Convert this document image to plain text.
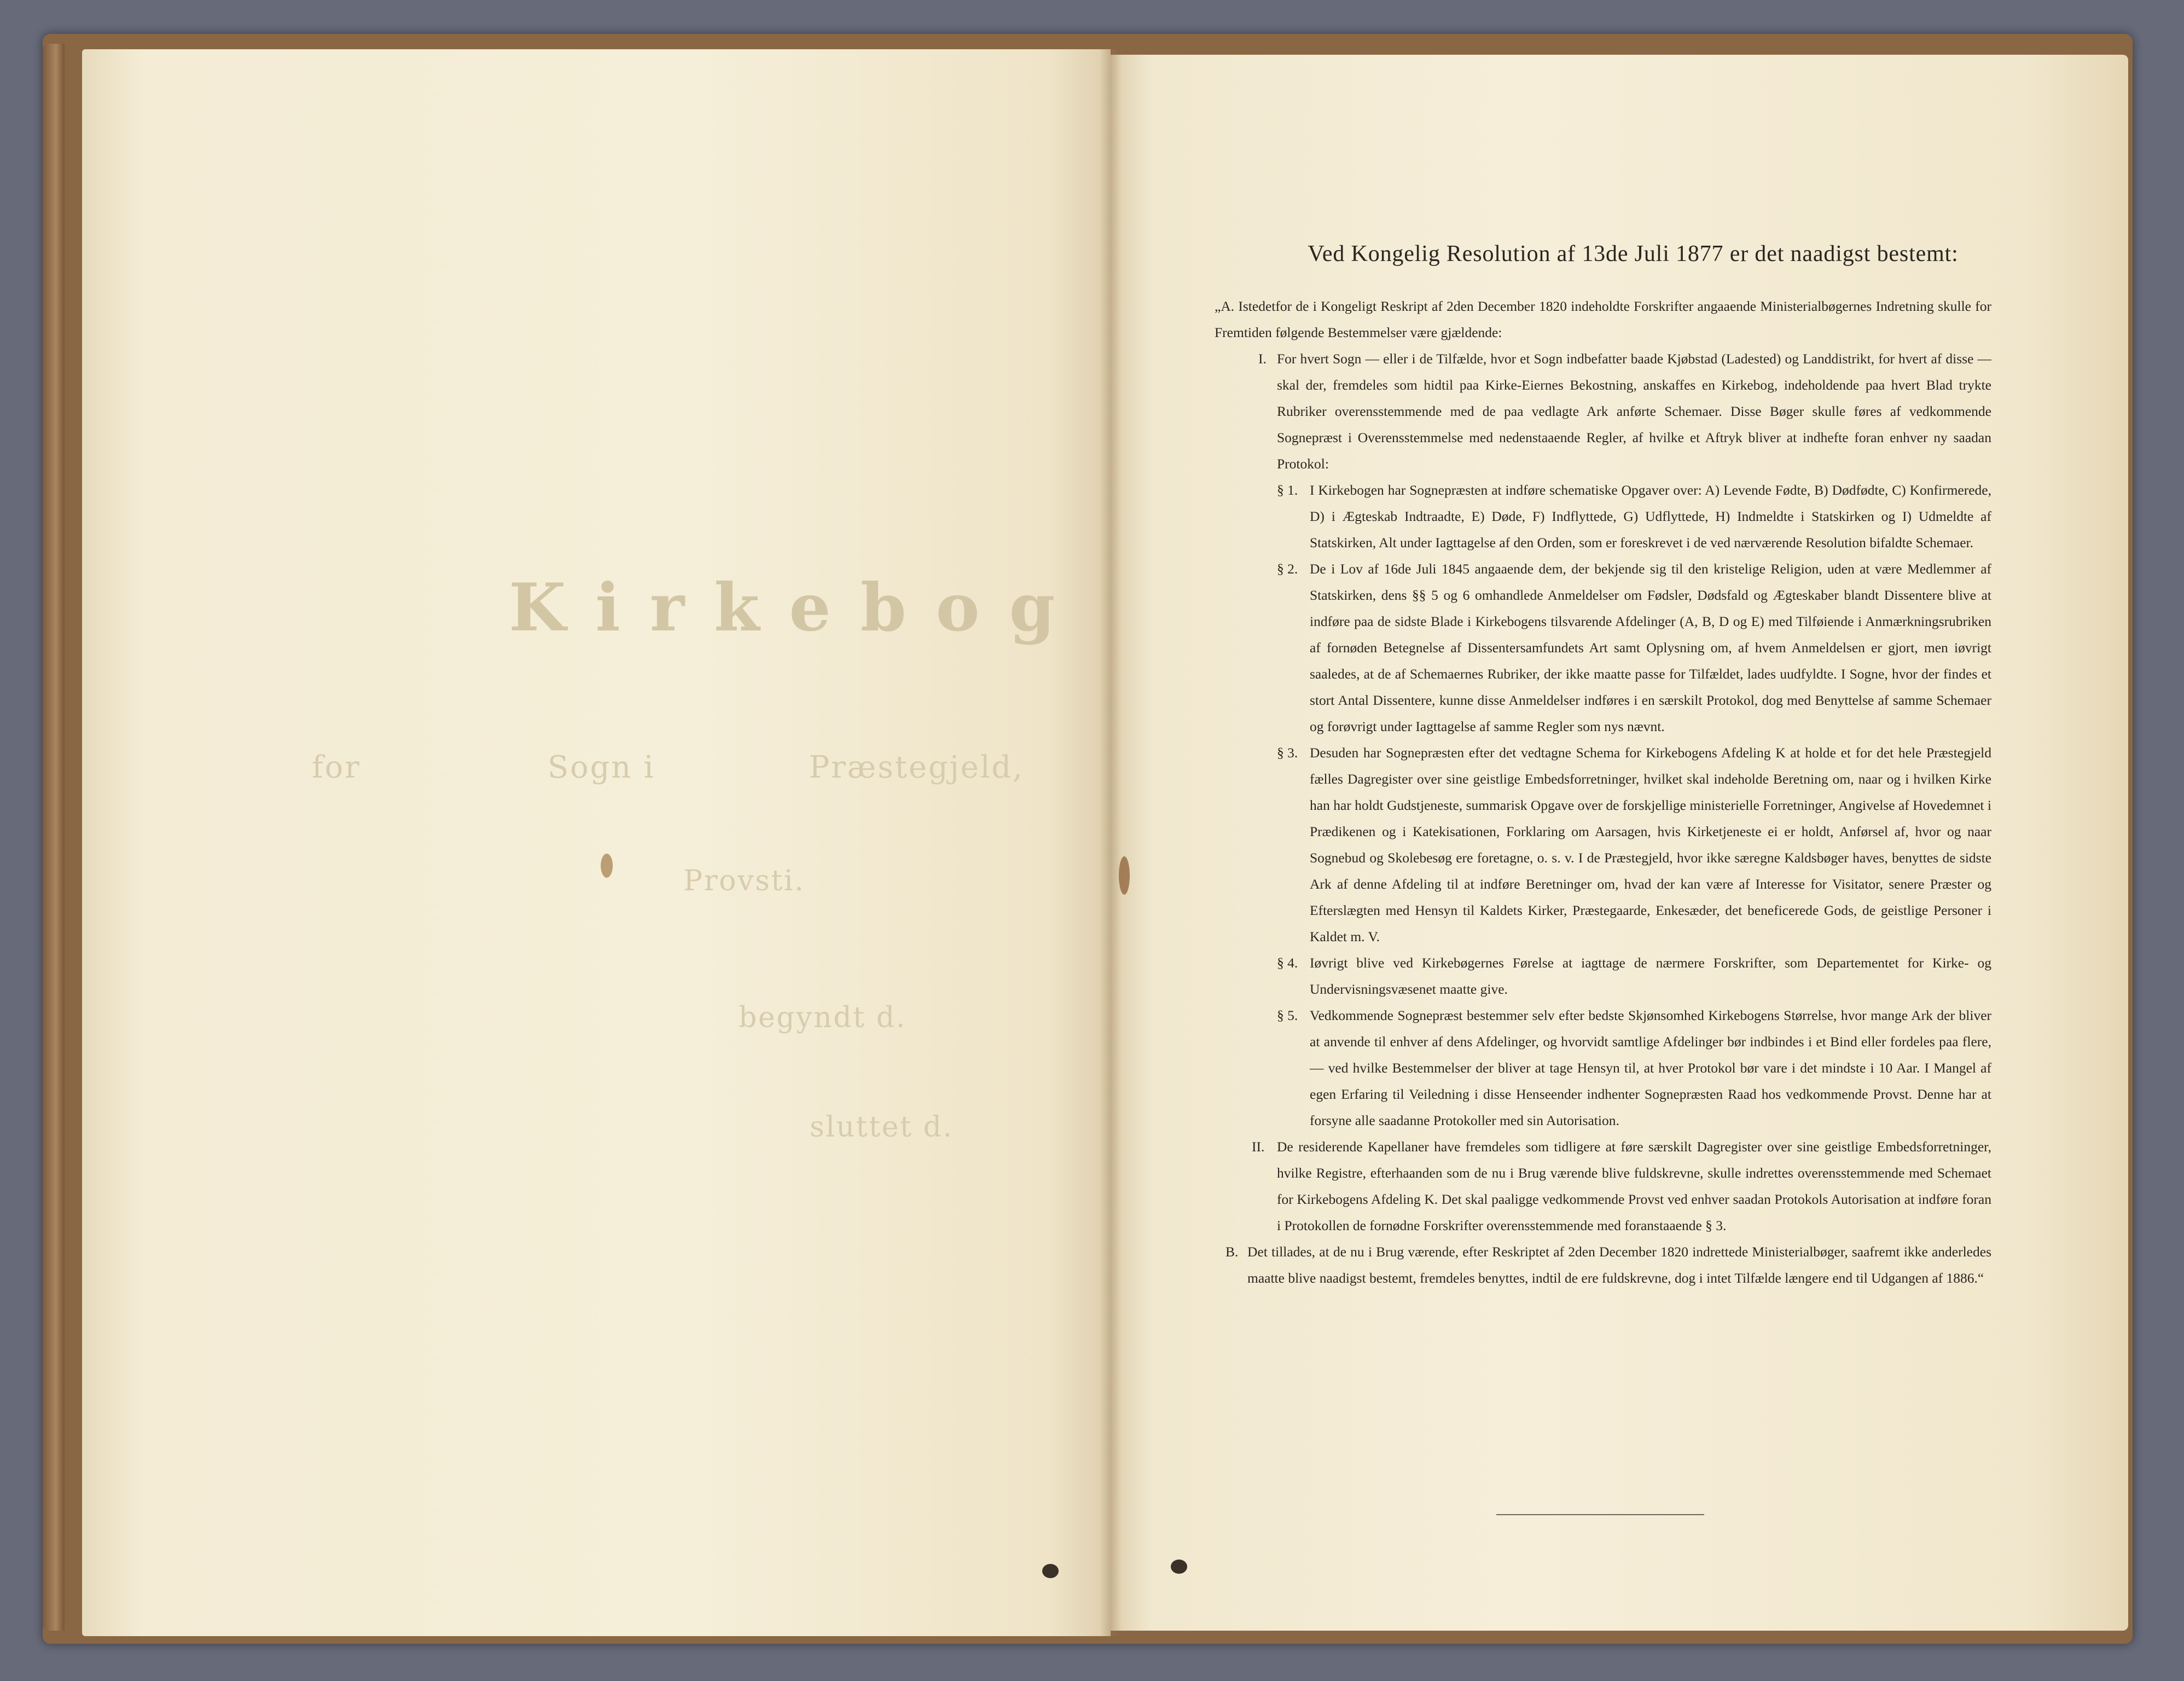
Kirkebog
for	Sogn i	Præstegjeld,
Provsti.
begyndt d.
sluttet d.
Ved Kongelig Resolution af 13de Juli 1877 er det naadigst bestemt:

„A. Istedetfor de i Kongeligt Reskript af 2den December 1820 indeholdte Forskrifter angaaende Ministerialbøgernes Indretning skulle for Fremtiden følgende Bestemmelser være gjældende:

I. For hvert Sogn — eller i de Tilfælde, hvor et Sogn indbefatter baade Kjøbstad (Ladested) og Landdistrikt, for hvert af disse — skal der, fremdeles som hidtil paa Kirke-Eiernes Bekostning, anskaffes en Kirkebog, indeholdende paa hvert Blad trykte Rubriker overensstemmende med de paa vedlagte Ark anførte Schemaer. Disse Bøger skulle føres af vedkommende Sognepræst i Overensstemmelse med nedenstaaende Regler, af hvilke et Aftryk bliver at indhefte foran enhver ny saadan Protokol:

§ 1. I Kirkebogen har Sognepræsten at indføre schematiske Opgaver over: A) Levende Fødte, B) Dødfødte, C) Konfirmerede, D) i Ægteskab Indtraadte, E) Døde, F) Indflyttede, G) Udflyttede, H) Indmeldte i Statskirken og I) Udmeldte af Statskirken, Alt under Iagttagelse af den Orden, som er foreskrevet i de ved nærværende Resolution bifaldte Schemaer.

§ 2. De i Lov af 16de Juli 1845 angaaende dem, der bekjende sig til den kristelige Religion, uden at være Medlemmer af Statskirken, dens §§ 5 og 6 omhandlede Anmeldelser om Fødsler, Dødsfald og Ægteskaber blandt Dissentere blive at indføre paa de sidste Blade i Kirkebogens tilsvarende Afdelinger (A, B, D og E) med Tilføiende i Anmærkningsrubriken af fornøden Betegnelse af Dissentersamfundets Art samt Oplysning om, af hvem Anmeldelsen er gjort, men iøvrigt saaledes, at de af Schemaernes Rubriker, der ikke maatte passe for Tilfældet, lades uudfyldte. I Sogne, hvor der findes et stort Antal Dissentere, kunne disse Anmeldelser indføres i en særskilt Protokol, dog med Benyttelse af samme Schemaer og forøvrigt under Iagttagelse af samme Regler som nys nævnt.

§ 3. Desuden har Sognepræsten efter det vedtagne Schema for Kirkebogens Afdeling K at holde et for det hele Præstegjeld fælles Dagregister over sine geistlige Embedsforretninger, hvilket skal indeholde Beretning om, naar og i hvilken Kirke han har holdt Gudstjeneste, summarisk Opgave over de forskjellige ministerielle Forretninger, Angivelse af Hovedemnet i Prædikenen og i Katekisationen, Forklaring om Aarsagen, hvis Kirketjeneste ei er holdt, Anførsel af, hvor og naar Sognebud og Skolebesøg ere foretagne, o. s. v. I de Præstegjeld, hvor ikke særegne Kaldsbøger haves, benyttes de sidste Ark af denne Afdeling til at indføre Beretninger om, hvad der kan være af Interesse for Visitator, senere Præster og Efterslægten med Hensyn til Kaldets Kirker, Præstegaarde, Enkesæder, det beneficerede Gods, de geistlige Personer i Kaldet m. V.

§ 4. Iøvrigt blive ved Kirkebøgernes Førelse at iagttage de nærmere Forskrifter, som Departementet for Kirke- og Undervisningsvæsenet maatte give.

§ 5. Vedkommende Sognepræst bestemmer selv efter bedste Skjønsomhed Kirkebogens Størrelse, hvor mange Ark der bliver at anvende til enhver af dens Afdelinger, og hvorvidt samtlige Afdelinger bør indbindes i et Bind eller fordeles paa flere, — ved hvilke Bestemmelser der bliver at tage Hensyn til, at hver Protokol bør vare i det mindste i 10 Aar. I Mangel af egen Erfaring til Veiledning i disse Henseender indhenter Sognepræsten Raad hos vedkommende Provst. Denne har at forsyne alle saadanne Protokoller med sin Autorisation.

II. De residerende Kapellaner have fremdeles som tidligere at føre særskilt Dagregister over sine geistlige Embedsforretninger, hvilke Registre, efterhaanden som de nu i Brug værende blive fuldskrevne, skulle indrettes overensstemmende med Schemaet for Kirkebogens Afdeling K. Det skal paaligge vedkommende Provst ved enhver saadan Protokols Autorisation at indføre foran i Protokollen de fornødne Forskrifter overensstemmende med foranstaaende § 3.

B. Det tillades, at de nu i Brug værende, efter Reskriptet af 2den December 1820 indrettede Ministerialbøger, saafremt ikke anderledes maatte blive naadigst bestemt, fremdeles benyttes, indtil de ere fuldskrevne, dog i intet Tilfælde længere end til Udgangen af 1886.“
